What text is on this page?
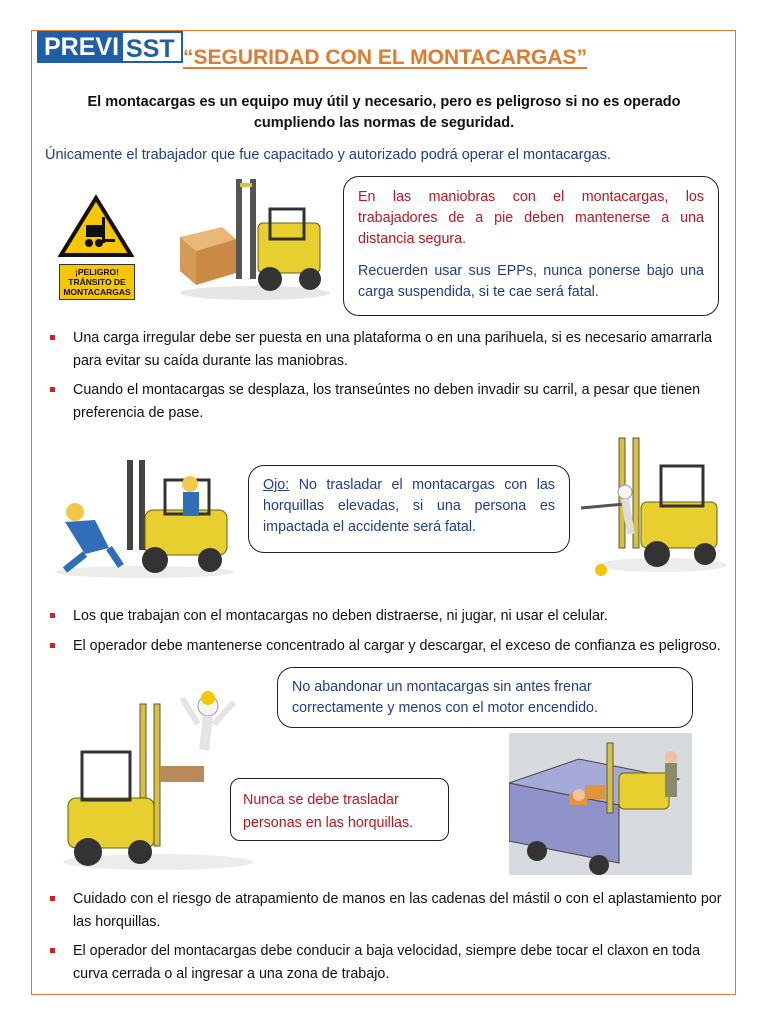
PREVI SST “SEGURIDAD CON EL MONTACARGAS”
El montacargas es un equipo muy útil y necesario, pero es peligroso si no es operado cumpliendo las normas de seguridad.
Únicamente el trabajador que fue capacitado y autorizado podrá operar el montacargas.
¡PELIGRO!
TRÁNSITO DE
MONTACARGAS

En las maniobras con el montacargas, los trabajadores de a pie deben mantenerse a una distancia segura.

Recuerden usar sus EPPs, nunca ponerse bajo una carga suspendida, si te cae será fatal.

Una carga irregular debe ser puesta en una plataforma o en una parihuela, si es necesario amarrarla para evitar su caída durante las maniobras.
Cuando el montacargas se desplaza, los transeúntes no deben invadir su carril, a pesar que tienen preferencia de pase.
Ojo: No trasladar el montacargas con las horquillas elevadas, si una persona es impactada el accidente será fatal.
Los que trabajan con el montacargas no deben distraerse, ni jugar, ni usar el celular.
El operador debe mantenerse concentrado al cargar y descargar, el exceso de confianza es peligroso.
No abandonar un montacargas sin antes frenar correctamente y menos con el motor encendido.
Nunca se debe trasladar personas en las horquillas.
Cuidado con el riesgo de atrapamiento de manos en las cadenas del mástil o con el aplastamiento por las horquillas.
El operador del montacargas debe conducir a baja velocidad, siempre debe tocar el claxon en toda curva cerrada o al ingresar a una zona de trabajo.
